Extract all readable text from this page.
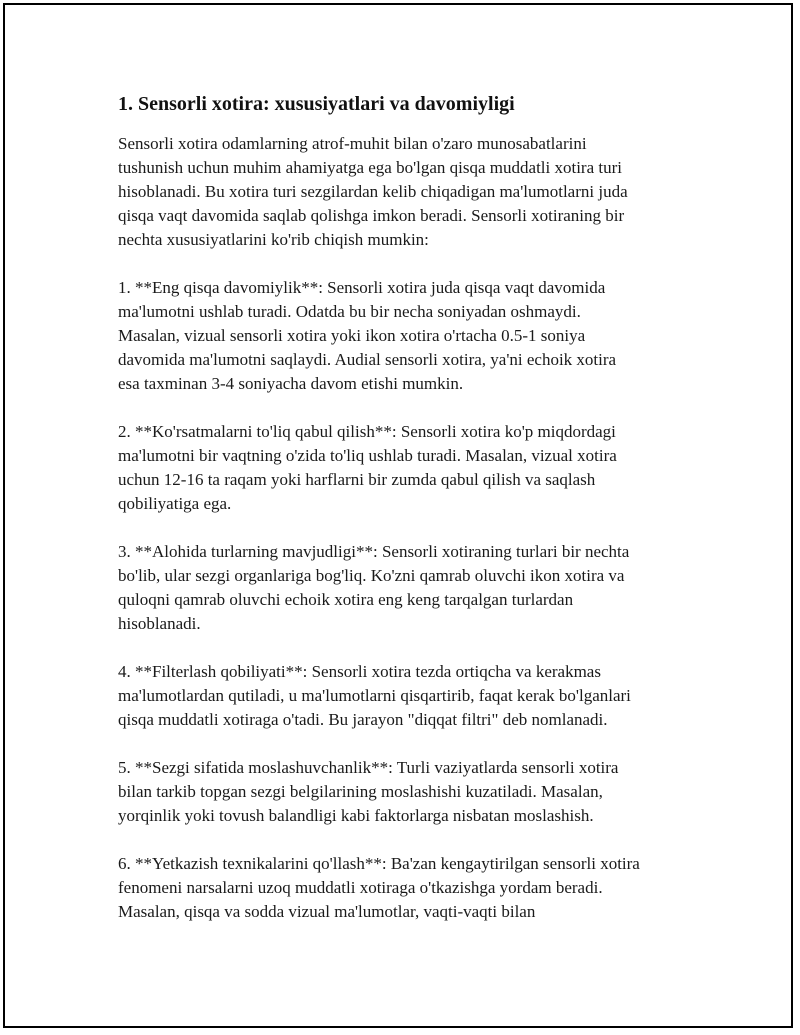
1. Sensorli xotira: xususiyatlari va davomiyligi

Sensorli xotira odamlarning atrof-muhit bilan o'zaro munosabatlarini
tushunish uchun muhim ahamiyatga ega bo'lgan qisqa muddatli xotira turi
hisoblanadi. Bu xotira turi sezgilardan kelib chiqadigan ma'lumotlarni juda
qisqa vaqt davomida saqlab qolishga imkon beradi. Sensorli xotiraning bir
nechta xususiyatlarini ko'rib chiqish mumkin:

1. **Eng qisqa davomiylik**: Sensorli xotira juda qisqa vaqt davomida
ma'lumotni ushlab turadi. Odatda bu bir necha soniyadan oshmaydi.
Masalan, vizual sensorli xotira yoki ikon xotira o'rtacha 0.5-1 soniya
davomida ma'lumotni saqlaydi. Audial sensorli xotira, ya'ni echoik xotira
esa taxminan 3-4 soniyacha davom etishi mumkin.

2. **Ko'rsatmalarni to'liq qabul qilish**: Sensorli xotira ko'p miqdordagi
ma'lumotni bir vaqtning o'zida to'liq ushlab turadi. Masalan, vizual xotira
uchun 12-16 ta raqam yoki harflarni bir zumda qabul qilish va saqlash
qobiliyatiga ega.

3. **Alohida turlarning mavjudligi**: Sensorli xotiraning turlari bir nechta
bo'lib, ular sezgi organlariga bog'liq. Ko'zni qamrab oluvchi ikon xotira va
quloqni qamrab oluvchi echoik xotira eng keng tarqalgan turlardan
hisoblanadi.

4. **Filterlash qobiliyati**: Sensorli xotira tezda ortiqcha va kerakmas
ma'lumotlardan qutiladi, u ma'lumotlarni qisqartirib, faqat kerak bo'lganlari
qisqa muddatli xotiraga o'tadi. Bu jarayon "diqqat filtri" deb nomlanadi.

5. **Sezgi sifatida moslashuvchanlik**: Turli vaziyatlarda sensorli xotira
bilan tarkib topgan sezgi belgilarining moslashishi kuzatiladi. Masalan,
yorqinlik yoki tovush balandligi kabi faktorlarga nisbatan moslashish.

6. **Yetkazish texnikalarini qo'llash**: Ba'zan kengaytirilgan sensorli xotira
fenomeni narsalarni uzoq muddatli xotiraga o'tkazishga yordam beradi.
Masalan, qisqa va sodda vizual ma'lumotlar, vaqti-vaqti bilan
